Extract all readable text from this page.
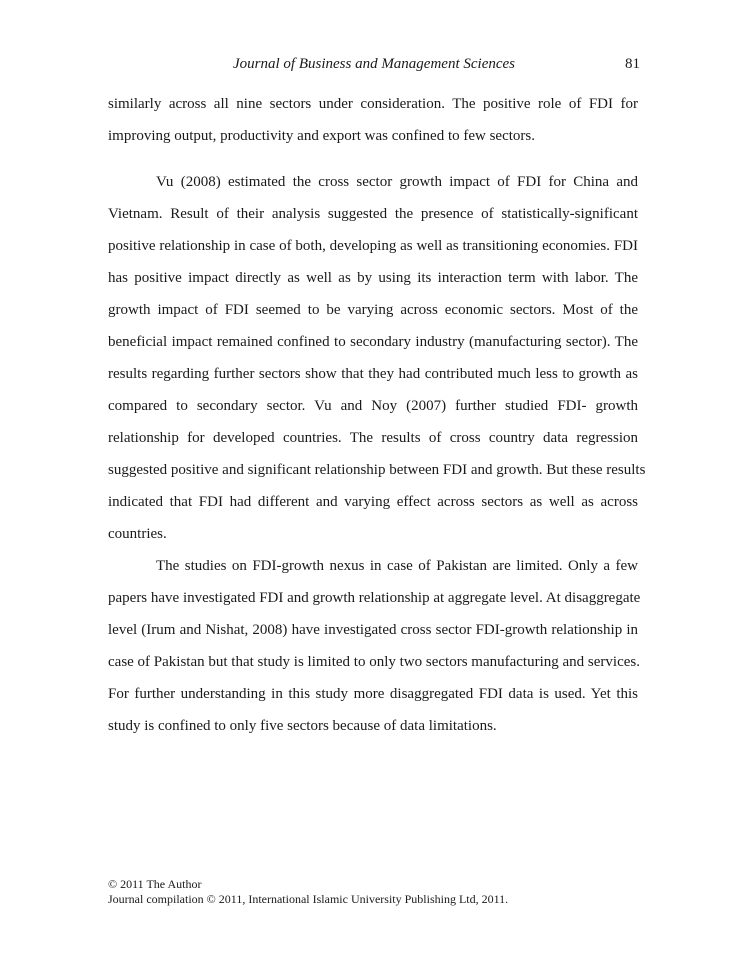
Journal of Business and Management Sciences	81
similarly across all nine sectors under consideration. The positive role of FDI for
improving output, productivity and export was confined to few sectors.
Vu (2008) estimated the cross sector growth impact of FDI for China and
Vietnam. Result of their analysis suggested the presence of statistically-significant
positive relationship in case of both, developing as well as transitioning economies. FDI
has positive impact directly as well as by using its interaction term with labor. The
growth impact of FDI seemed to be varying across economic sectors. Most of the
beneficial impact remained confined to secondary industry (manufacturing sector). The
results regarding further sectors show that they had contributed much less to growth as
compared to secondary sector. Vu and Noy (2007) further studied FDI- growth
relationship for developed countries. The results of cross country data regression
suggested positive and significant relationship between FDI and growth. But these results
indicated that FDI had different and varying effect across sectors as well as across
countries.
The studies on FDI-growth nexus in case of Pakistan are limited. Only a few
papers have investigated FDI and growth relationship at aggregate level. At disaggregate
level (Irum and Nishat, 2008) have investigated cross sector FDI-growth relationship in
case of Pakistan but that study is limited to only two sectors manufacturing and services.
For further understanding in this study more disaggregated FDI data is used. Yet this
study is confined to only five sectors because of data limitations.
© 2011 The Author
Journal compilation © 2011, International Islamic University Publishing Ltd, 2011.
